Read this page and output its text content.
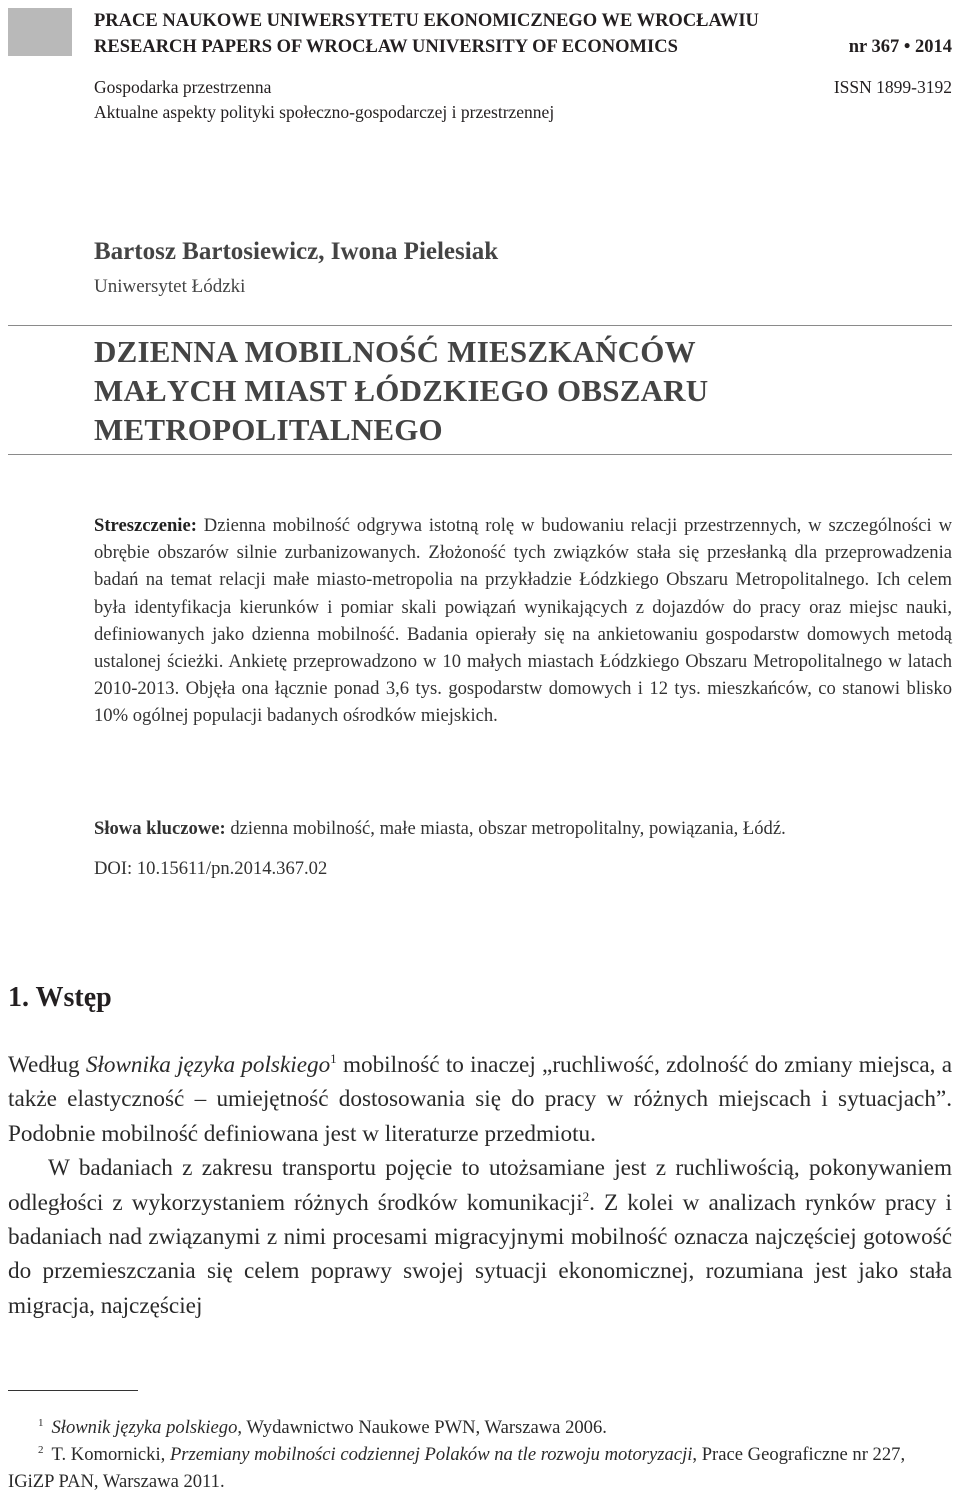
PRACE NAUKOWE UNIWERSYTETU EKONOMICZNEGO WE WROCŁAWIU
RESEARCH PAPERS OF WROCŁAW UNIVERSITY OF ECONOMICS	nr 367 • 2014
Gospodarka przestrzenna	ISSN 1899-3192
Aktualne aspekty polityki społeczno-gospodarczej i przestrzennej
Bartosz Bartosiewicz, Iwona Pielesiak
Uniwersytet Łódzki
DZIENNA MOBILNOŚĆ MIESZKAŃCÓW
MAŁYCH MIAST ŁÓDZKIEGO OBSZARU
METROPOLITALNEGO
Streszczenie: Dzienna mobilność odgrywa istotną rolę w budowaniu relacji przestrzennych, w szczególności w obrębie obszarów silnie zurbanizowanych. Złożoność tych związków stała się przesłanką dla przeprowadzenia badań na temat relacji małe miasto-metropolia na przykładzie Łódzkiego Obszaru Metropolitalnego. Ich celem była identyfikacja kierunków i pomiar skali powiązań wynikających z dojazdów do pracy oraz miejsc nauki, definiowanych jako dzienna mobilność. Badania opierały się na ankietowaniu gospodarstw domowych metodą ustalonej ścieżki. Ankietę przeprowadzono w 10 małych miastach Łódzkiego Obszaru Metropolitalnego w latach 2010-2013. Objęła ona łącznie ponad 3,6 tys. gospodarstw domowych i 12 tys. mieszkańców, co stanowi blisko 10% ogólnej populacji badanych ośrodków miejskich.
Słowa kluczowe: dzienna mobilność, małe miasta, obszar metropolitalny, powiązania, Łódź.
DOI: 10.15611/pn.2014.367.02
1. Wstęp

Według Słownika języka polskiego$^1$ mobilność to inaczej „ruchliwość, zdolność do zmiany miejsca, a także elastyczność – umiejętność dostosowania się do pracy w różnych miejscach i sytuacjach”. Podobnie mobilność definiowana jest w literaturze przedmiotu.

W badaniach z zakresu transportu pojęcie to utożsamiane jest z ruchliwością, pokonywaniem odległości z wykorzystaniem różnych środków komunikacji$^2$. Z kolei w analizach rynków pracy i badaniach nad związanymi z nimi procesami migracyjnymi mobilność oznacza najczęściej gotowość do przemieszczania się celem poprawy swojej sytuacji ekonomicznej, rozumiana jest jako stała migracja, najczęściej

$^1$ Słownik języka polskiego, Wydawnictwo Naukowe PWN, Warszawa 2006.
$^2$ T. Komornicki, Przemiany mobilności codziennej Polaków na tle rozwoju motoryzacji, Prace Geograficzne nr 227, IGiZP PAN, Warszawa 2011.
